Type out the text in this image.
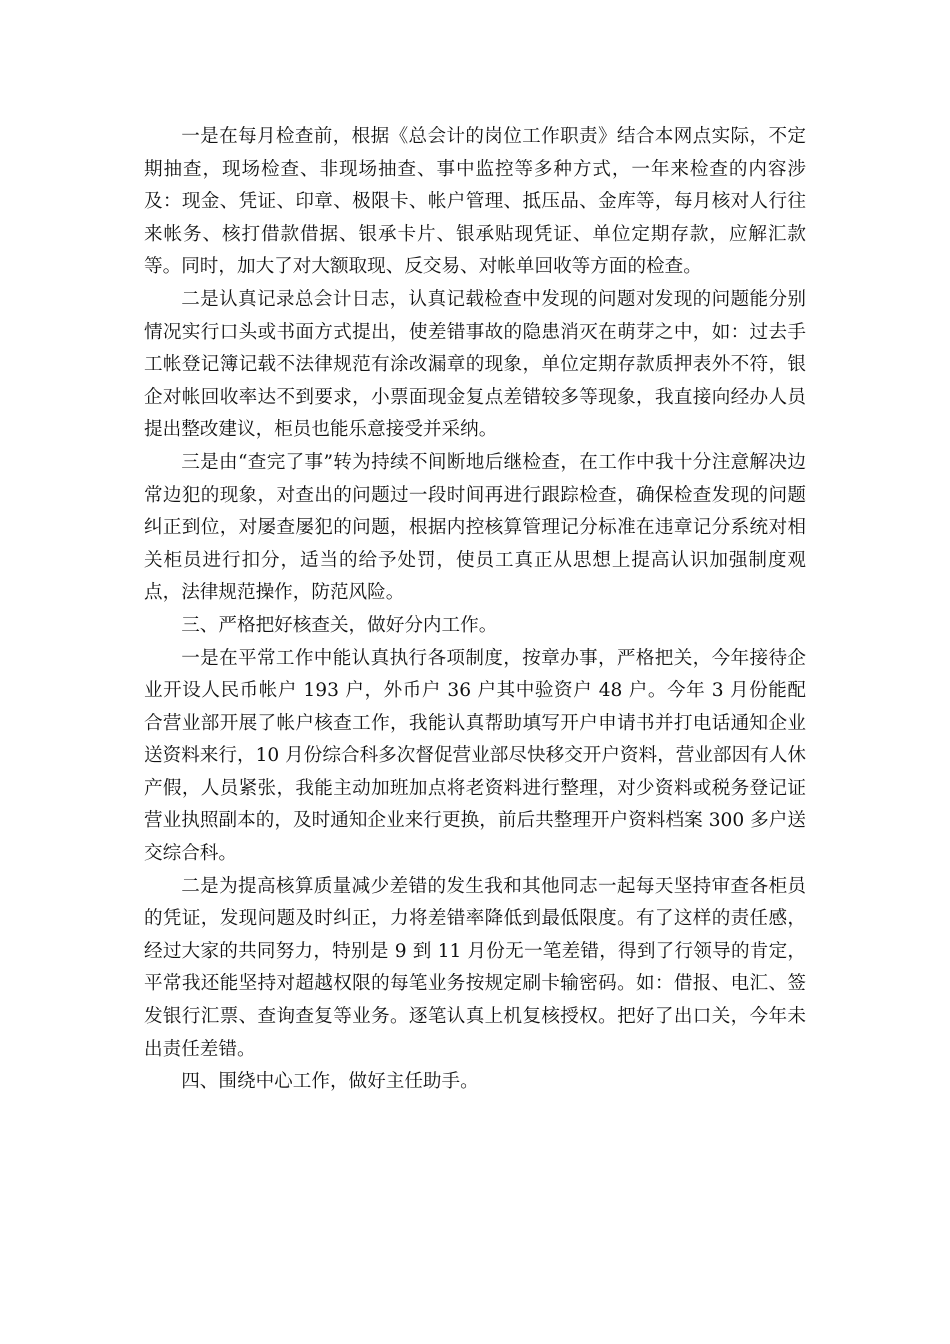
一是在每月检查前，根据《总会计的岗位工作职责》结合本网点实际，不定期抽查，现场检查、非现场抽查、事中监控等多种方式，一年来检查的内容涉及：现金、凭证、印章、极限卡、帐户管理、抵压品、金库等，每月核对人行往来帐务、核打借款借据、银承卡片、银承贴现凭证、单位定期存款，应解汇款等。同时，加大了对大额取现、反交易、对帐单回收等方面的检查。

二是认真记录总会计日志，认真记载检查中发现的问题对发现的问题能分别情况实行口头或书面方式提出，使差错事故的隐患消灭在萌芽之中，如：过去手工帐登记簿记载不法律规范有涂改漏章的现象，单位定期存款质押表外不符，银企对帐回收率达不到要求，小票面现金复点差错较多等现象，我直接向经办人员提出整改建议，柜员也能乐意接受并采纳。

三是由“查完了事”转为持续不间断地后继检查，在工作中我十分注意解决边常边犯的现象，对查出的问题过一段时间再进行跟踪检查，确保检查发现的问题纠正到位，对屡查屡犯的问题，根据内控核算管理记分标准在违章记分系统对相关柜员进行扣分，适当的给予处罚，使员工真正从思想上提高认识加强制度观点，法律规范操作，防范风险。

三、严格把好核查关，做好分内工作。

一是在平常工作中能认真执行各项制度，按章办事，严格把关，今年接待企业开设人民币帐户 193 户，外币户 36 户其中验资户 48 户。今年 3 月份能配合营业部开展了帐户核查工作，我能认真帮助填写开户申请书并打电话通知企业送资料来行，10 月份综合科多次督促营业部尽快移交开户资料，营业部因有人休产假，人员紧张，我能主动加班加点将老资料进行整理，对少资料或税务登记证营业执照副本的，及时通知企业来行更换，前后共整理开户资料档案 300 多户送交综合科。

二是为提高核算质量减少差错的发生我和其他同志一起每天坚持审查各柜员的凭证，发现问题及时纠正，力将差错率降低到最低限度。有了这样的责任感，经过大家的共同努力，特别是 9 到 11 月份无一笔差错，得到了行领导的肯定，平常我还能坚持对超越权限的每笔业务按规定刷卡输密码。如：借报、电汇、签发银行汇票、查询查复等业务。逐笔认真上机复核授权。把好了出口关，今年未出责任差错。

四、围绕中心工作，做好主任助手。
